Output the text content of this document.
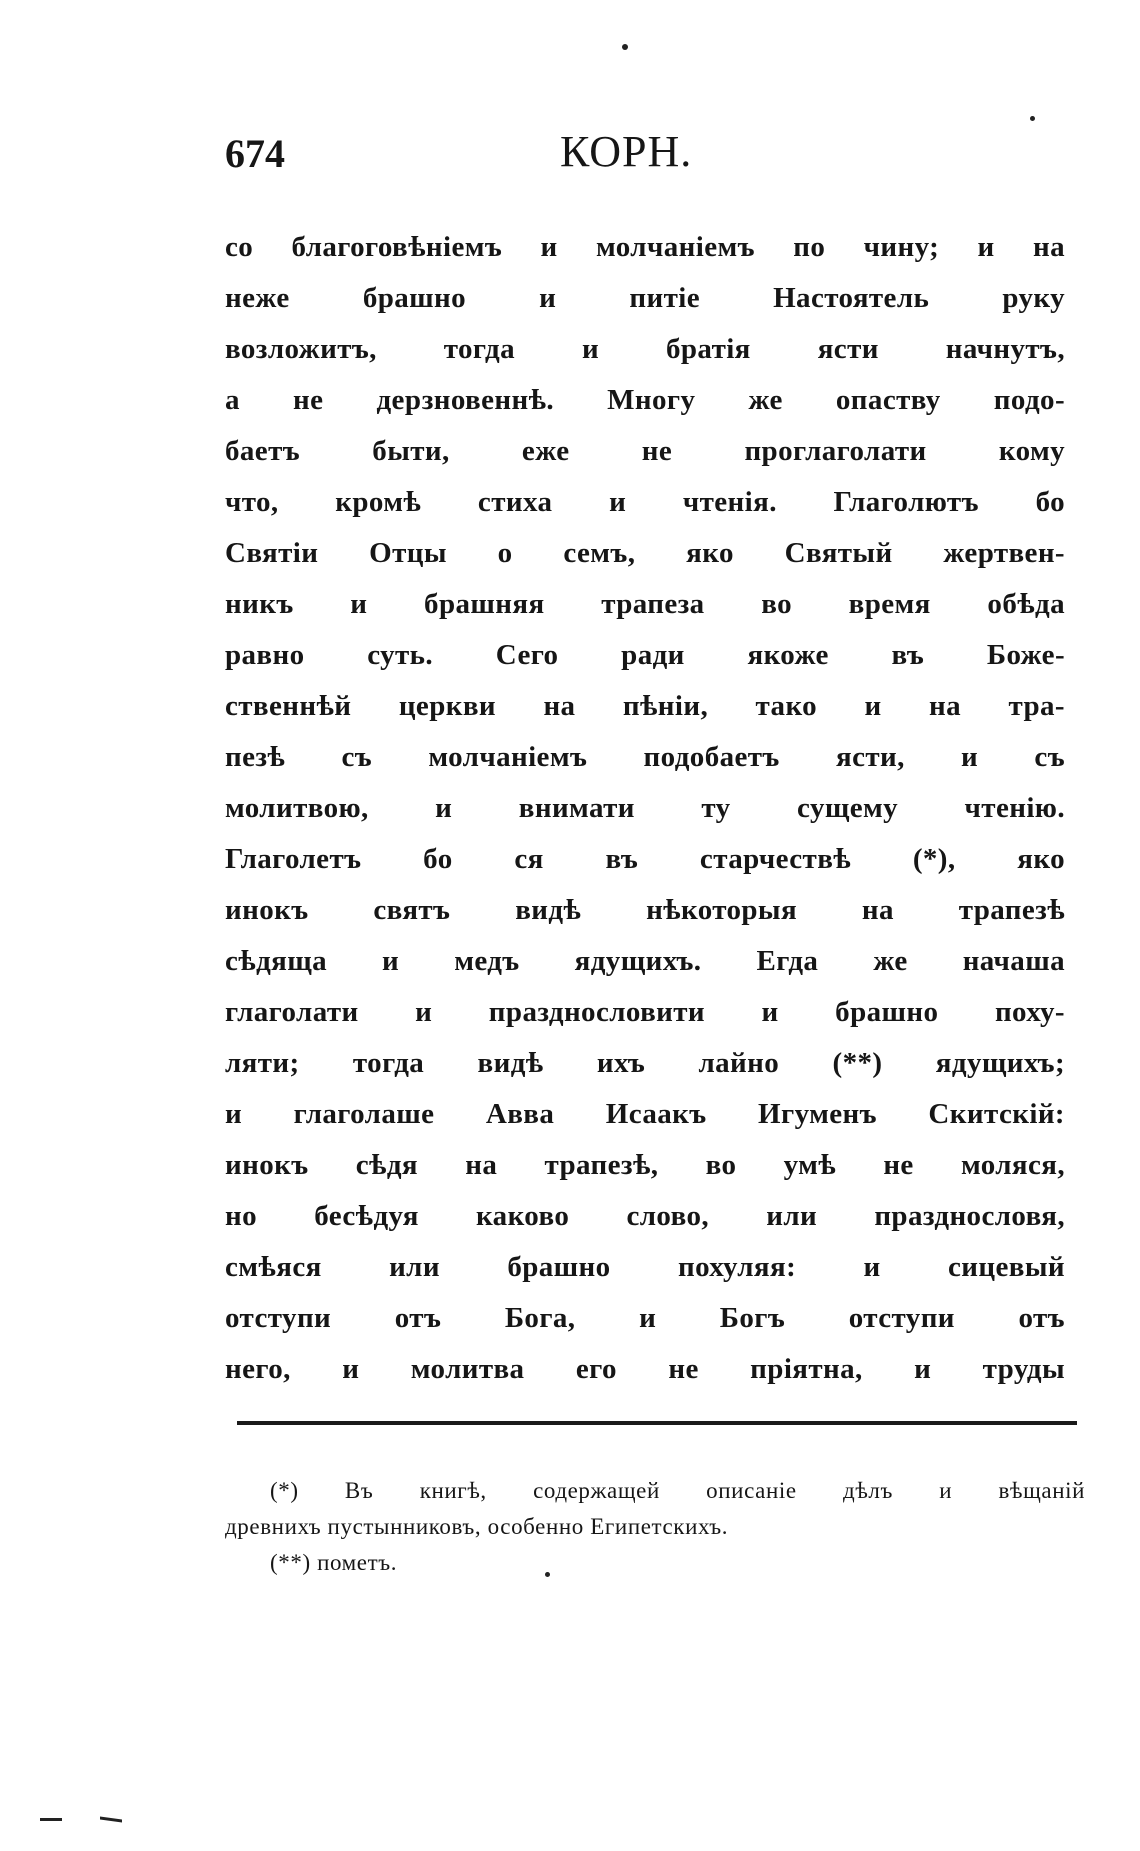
674	КОРН.
со благоговѣніемъ и молчаніемъ по чину; и на
неже брашно и питіе Настоятель руку
возложитъ, тогда и братія ясти начнутъ,
а не дерзновеннѣ. Многу же опаству подо-
баетъ быти, еже не проглаголати кому
что, кромѣ стиха и чтенія. Глаголютъ бо
Святіи Отцы о семъ, яко Святый жертвен-
никъ и брашняя трапеза во время обѣда
равно суть. Сего ради якоже въ Боже-
ственнѣй церкви на пѣніи, тако и на тра-
пезѣ съ молчаніемъ подобаетъ ясти, и съ
молитвою, и внимати ту сущему чтенію.
Глаголетъ бо ся въ старчествѣ (*), яко
инокъ святъ видѣ нѣкоторыя на трапезѣ
сѣдяща и медъ ядущихъ. Егда же начаша
глаголати и празднословити и брашно поху-
ляти; тогда видѣ ихъ лайно (**) ядущихъ;
и глаголаше Авва Исаакъ Игуменъ Скитскій:
инокъ сѣдя на трапезѣ, во умѣ не моляся,
но бесѣдуя каково слово, или празднословя,
смѣяся или брашно похуляя: и сицевый
отступи отъ Бога, и Богъ отступи отъ
него, и молитва его не пріятна, и труды
(*) Въ книгѣ, содержащей описаніе дѣлъ и вѣщаній
древнихъ пустынниковъ, особенно Египетскихъ.
(**) пометъ.
